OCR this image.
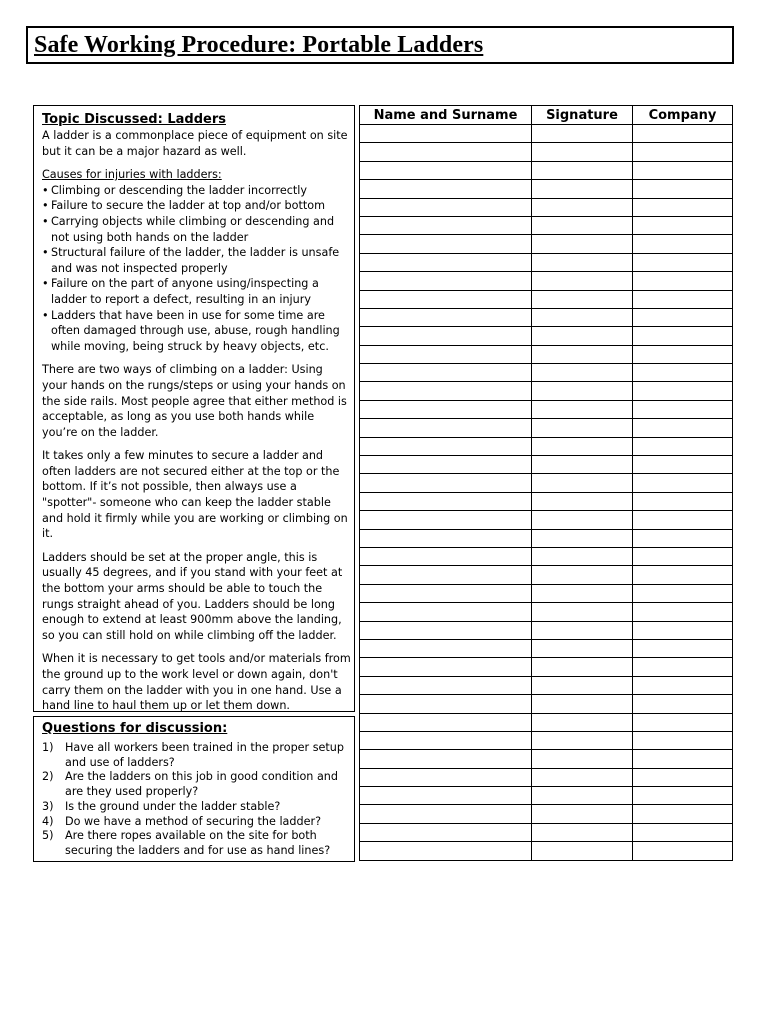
Safe Working Procedure: Portable Ladders
Topic Discussed: Ladders
A ladder is a commonplace piece of equipment on site but it can be a major hazard as well.
Causes for injuries with ladders:
• Climbing or descending the ladder incorrectly
• Failure to secure the ladder at top and/or bottom
• Carrying objects while climbing or descending and not using both hands on the ladder
• Structural failure of the ladder, the ladder is unsafe and was not inspected properly
• Failure on the part of anyone using/inspecting a ladder to report a defect, resulting in an injury
• Ladders that have been in use for some time are often damaged through use, abuse, rough handling while moving, being struck by heavy objects, etc.
There are two ways of climbing on a ladder: Using your hands on the rungs/steps or using your hands on the side rails. Most people agree that either method is acceptable, as long as you use both hands while you’re on the ladder.
It takes only a few minutes to secure a ladder and often ladders are not secured either at the top or the bottom. If it’s not possible, then always use a "spotter"- someone who can keep the ladder stable and hold it firmly while you are working or climbing on it.
Ladders should be set at the proper angle, this is usually 45 degrees, and if you stand with your feet at the bottom your arms should be able to touch the rungs straight ahead of you. Ladders should be long enough to extend at least 900mm above the landing, so you can still hold on while climbing off the ladder.
When it is necessary to get tools and/or materials from the ground up to the work level or down again, don't carry them on the ladder with you in one hand. Use a hand line to haul them up or let them down.
Questions for discussion:
1) Have all workers been trained in the proper setup and use of ladders?
2) Are the ladders on this job in good condition and are they used properly?
3) Is the ground under the ladder stable?
4) Do we have a method of securing the ladder?
5) Are there ropes available on the site for both securing the ladders and for use as hand lines?
Name and Surname	Signature	Company
